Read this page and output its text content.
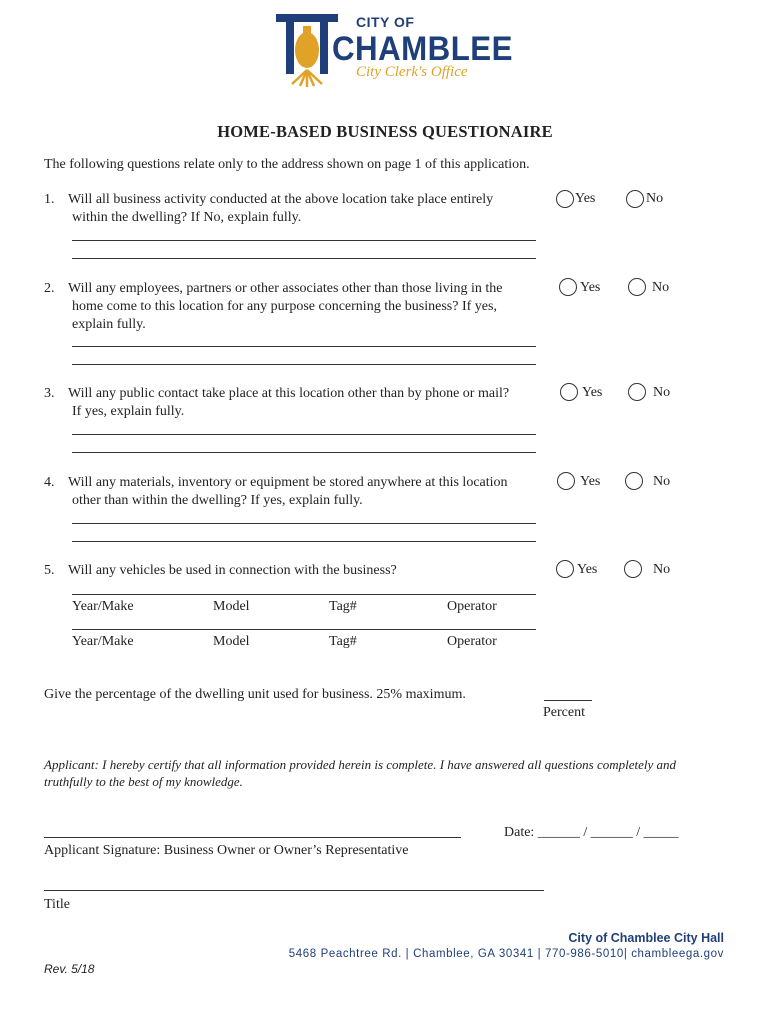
CITY OF
CHAMBLEE
City Clerk's Office
HOME-BASED BUSINESS QUESTIONAIRE
The following questions relate only to the address shown on page 1 of this application.
1. Will all business activity conducted at the above location take place entirely
within the dwelling? If No, explain fully.
Yes	No
2. Will any employees, partners or other associates other than those living in the
home come to this location for any purpose concerning the business? If yes,
explain fully.
Yes	No
3. Will any public contact take place at this location other than by phone or mail?
If yes, explain fully.
Yes	No
4. Will any materials, inventory or equipment be stored anywhere at this location
other than within the dwelling? If yes, explain fully.
Yes	No
5. Will any vehicles be used in connection with the business?	Yes	No
Year/Make	Model	Tag#	Operator
Year/Make	Model	Tag#	Operator
Give the percentage of the dwelling unit used for business. 25% maximum.
Percent
Applicant: I hereby certify that all information provided herein is complete. I have answered all questions completely and truthfully to the best of my knowledge.
Date: ______ / ______ / _____
Applicant Signature: Business Owner or Owner’s Representative
Title
City of Chamblee City Hall
5468 Peachtree Rd. | Chamblee, GA 30341 | 770-986-5010| chambleega.gov
Rev. 5/18
